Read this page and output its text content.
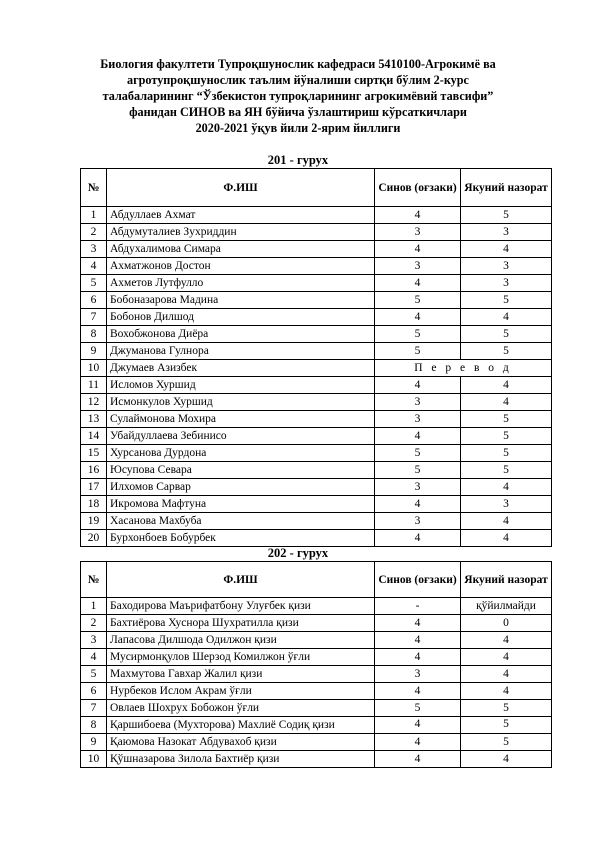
Биология факултети Тупроқшунослик кафедраси 5410100-Агрокимё ва
агротупроқшунослик таълим йўналиши сиртқи бўлим 2-курс
талабаларининг “Ўзбекистон тупроқларининг агрокимёвий тавсифи”
фанидан СИНОВ ва ЯН бўйича ўзлаштириш кўрсаткичлари
2020-2021 ўқув йили 2-ярим йиллиги
201 - гурух
№	Ф.ИШ	Синов (оғзаки)	Якуний назорат
1	Абдуллаев Ахмат	4	5
2	Абдумуталиев Зухриддин	3	3
3	Абдухалимова Симара	4	4
4	Ахматжонов Достон	3	3
5	Ахметов Лутфулло	4	3
6	Бобоназарова Мадина	5	5
7	Бобонов Дилшод	4	4
8	Вохобжонова Диёра	5	5
9	Джуманова Гулнора	5	5
10	Джумаев Азизбек	П е р е в о д	
11	Исломов Хуршид	4	4
12	Исмонкулов Хуршид	3	4
13	Сулаймонова Мохира	3	5
14	Убайдуллаева Зебинисо	4	5
15	Хурсанова Дурдона	5	5
16	Юсупова Севара	5	5
17	Илхомов Сарвар	3	4
18	Икромова Мафтуна	4	3
19	Хасанова Махбуба	3	4
20	Бурхонбоев Бобурбек	4	4
202 - гурух
№	Ф.ИШ	Синов (оғзаки)	Якуний назорат
1	Баходирова Маърифатбону Улуғбек қизи	-	қўйилмайди
2	Бахтиёрова Хуснора Шухратилла қизи	4	0
3	Лапасова Дилшода Одилжон қизи	4	4
4	Мусирмонқулов Шерзод Комилжон ўғли	4	4
5	Махмутова Гавхар Жалил қизи	3	4
6	Нурбеков Ислом Акрам ўғли	4	4
7	Овлаев Шохрух Бобожон ўғли	5	5
8	Қаршибоева (Мухторова) Махлиё Содиқ қизи	4	5
9	Қаюмова Назокат Абдувахоб қизи	4	5
10	Қўшназарова Зилола Бахтиёр қизи	4	4
